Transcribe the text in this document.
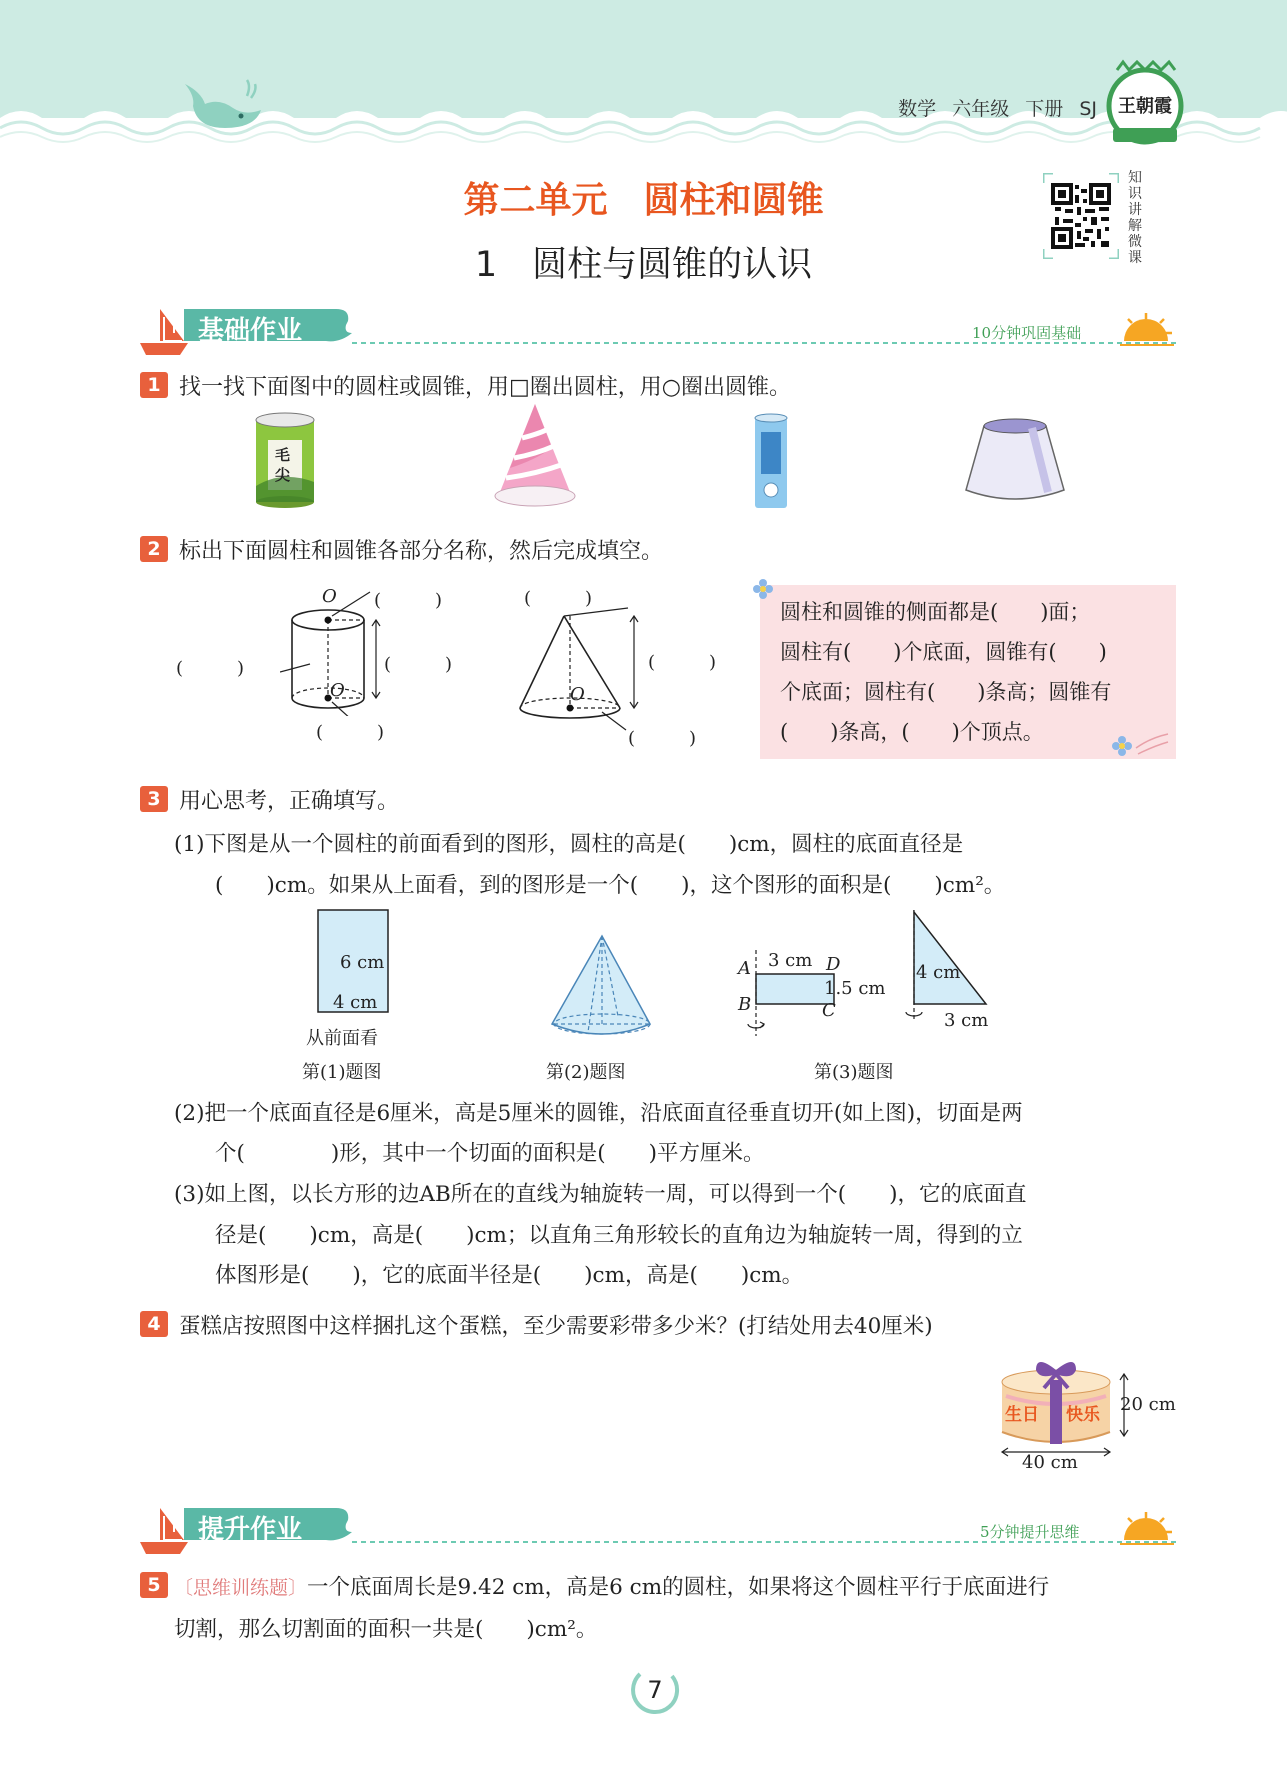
数学 六年级 下册 SJ	王朝霞
第二单元　圆柱和圆锥
1　圆柱与圆锥的认识
知识讲解微课
基础作业	10分钟巩固基础
1 找一找下面图中的圆柱或圆锥，用□圈出圆柱，用○圈出圆锥。
毛尖
2 标出下面圆柱和圆锥各部分名称，然后完成填空。
O
O
(　　　)
(　　　)	(　　　)
(　　　)
O
(　　　)
(　　　)
(　　　)
圆柱和圆锥的侧面都是(　　)面；
圆柱有(　　)个底面，圆锥有(　　)
个底面；圆柱有(　　)条高；圆锥有
(　　)条高，(　　)个顶点。
3 用心思考，正确填写。
(1)下图是从一个圆柱的前面看到的图形，圆柱的高是(　　)cm，圆柱的底面直径是
(　　)cm。如果从上面看，到的图形是一个(　　)，这个图形的面积是(　　)cm²。
6 cm
4 cm
从前面看
第(1)题图	第(2)题图
A
B	C
D
3 cm
1.5 cm
4 cm
3 cm
第(3)题图
(2)把一个底面直径是6厘米，高是5厘米的圆锥，沿底面直径垂直切开(如上图)，切面是两
个(　　　　)形，其中一个切面的面积是(　　)平方厘米。
(3)如上图，以长方形的边AB所在的直线为轴旋转一周，可以得到一个(　　)，它的底面直
径是(　　)cm，高是(　　)cm；以直角三角形较长的直角边为轴旋转一周，得到的立
体图形是(　　)，它的底面半径是(　　)cm，高是(　　)cm。
4 蛋糕店按照图中这样捆扎这个蛋糕，至少需要彩带多少米？(打结处用去40厘米)
生日 快乐 20 cm
40 cm
提升作业	5分钟提升思维
5 〔思维训练题〕一个底面周长是9.42 cm，高是6 cm的圆柱，如果将这个圆柱平行于底面进行
切割，那么切割面的面积一共是(　　)cm²。
7
